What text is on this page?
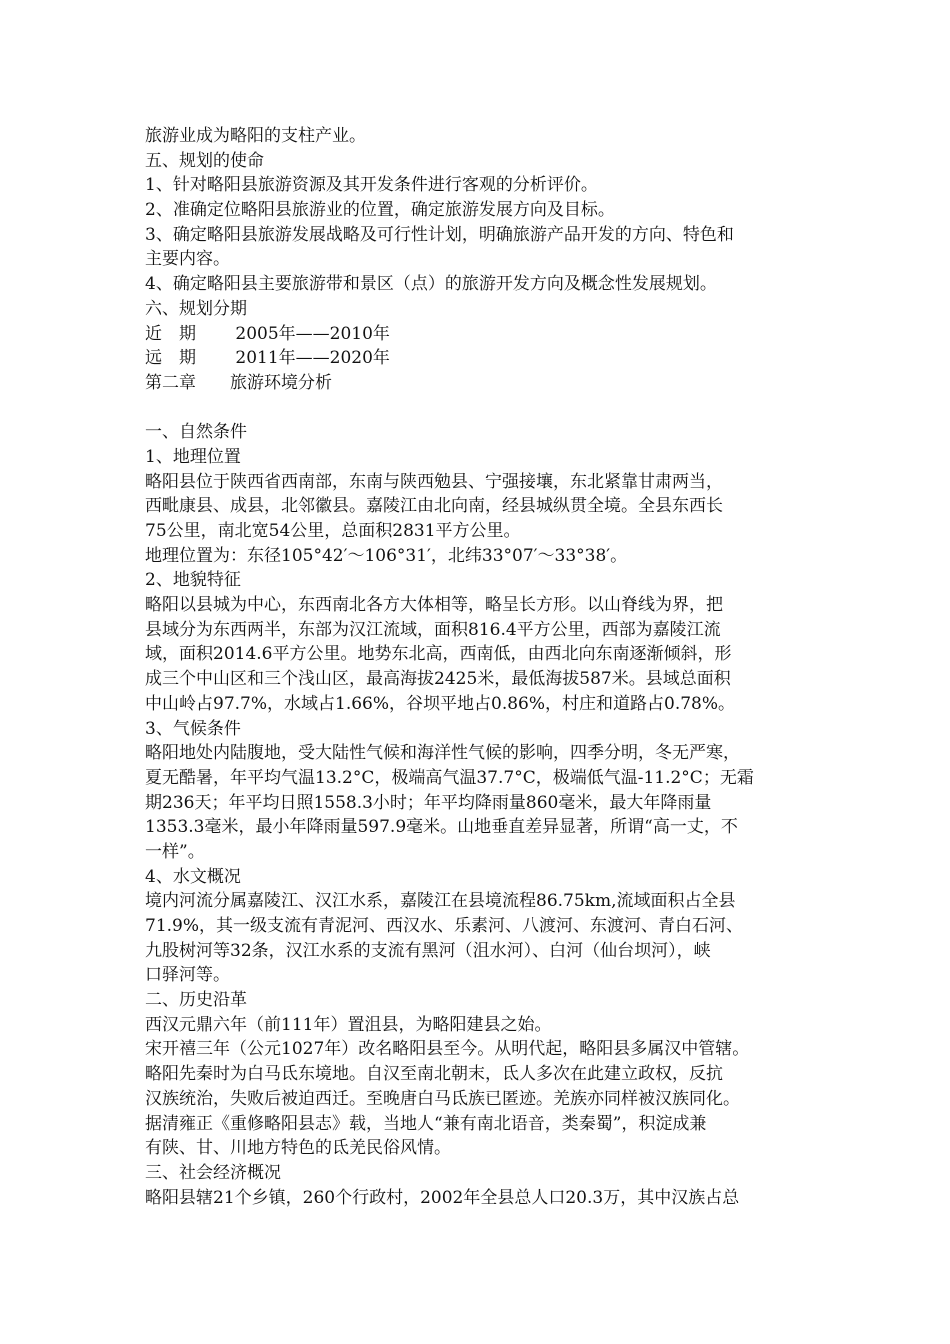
旅游业成为略阳的支柱产业。
五、规划的使命
1、针对略阳县旅游资源及其开发条件进行客观的分析评价。
2、准确定位略阳县旅游业的位置，确定旅游发展方向及目标。
3、确定略阳县旅游发展战略及可行性计划，明确旅游产品开发的方向、特色和
主要内容。
4、确定略阳县主要旅游带和景区（点）的旅游开发方向及概念性发展规划。
六、规划分期
近　期　　 2005年——2010年
远　期　　 2011年——2020年
第二章　　旅游环境分析
一、自然条件
1、地理位置
略阳县位于陕西省西南部，东南与陕西勉县、宁强接壤，东北紧靠甘肃两当，
西毗康县、成县，北邻徽县。嘉陵江由北向南，经县城纵贯全境。全县东西长
75公里，南北宽54公里，总面积2831平方公里。
地理位置为：东径105°42′～106°31′，北纬33°07′～33°38′。
2、地貌特征
略阳以县城为中心，东西南北各方大体相等，略呈长方形。以山脊线为界，把
县域分为东西两半，东部为汉江流域，面积816.4平方公里，西部为嘉陵江流
域，面积2014.6平方公里。地势东北高，西南低，由西北向东南逐渐倾斜，形
成三个中山区和三个浅山区，最高海拔2425米，最低海拔587米。县域总面积
中山岭占97.7%，水域占1.66%，谷坝平地占0.86%，村庄和道路占0.78%。
3、气候条件
略阳地处内陆腹地，受大陆性气候和海洋性气候的影响，四季分明，冬无严寒，
夏无酷暑，年平均气温13.2°C，极端高气温37.7°C，极端低气温-11.2°C；无霜
期236天；年平均日照1558.3小时；年平均降雨量860毫米，最大年降雨量
1353.3毫米，最小年降雨量597.9毫米。山地垂直差异显著，所谓“高一丈，不
一样”。
4、水文概况
境内河流分属嘉陵江、汉江水系，嘉陵江在县境流程86.75km,流域面积占全县
71.9%，其一级支流有青泥河、西汉水、乐素河、八渡河、东渡河、青白石河、
九股树河等32条，汉江水系的支流有黑河（沮水河）、白河（仙台坝河），峡
口驿河等。
二、历史沿革
西汉元鼎六年（前111年）置沮县，为略阳建县之始。
宋开禧三年（公元1027年）改名略阳县至今。从明代起，略阳县多属汉中管辖。
略阳先秦时为白马氐东境地。自汉至南北朝末，氐人多次在此建立政权，反抗
汉族统治，失败后被迫西迁。至晚唐白马氐族已匿迹。羌族亦同样被汉族同化。
据清雍正《重修略阳县志》载，当地人“兼有南北语音，类秦蜀”，积淀成兼
有陕、甘、川地方特色的氐羌民俗风情。
三、社会经济概况
略阳县辖21个乡镇，260个行政村，2002年全县总人口20.3万，其中汉族占总
